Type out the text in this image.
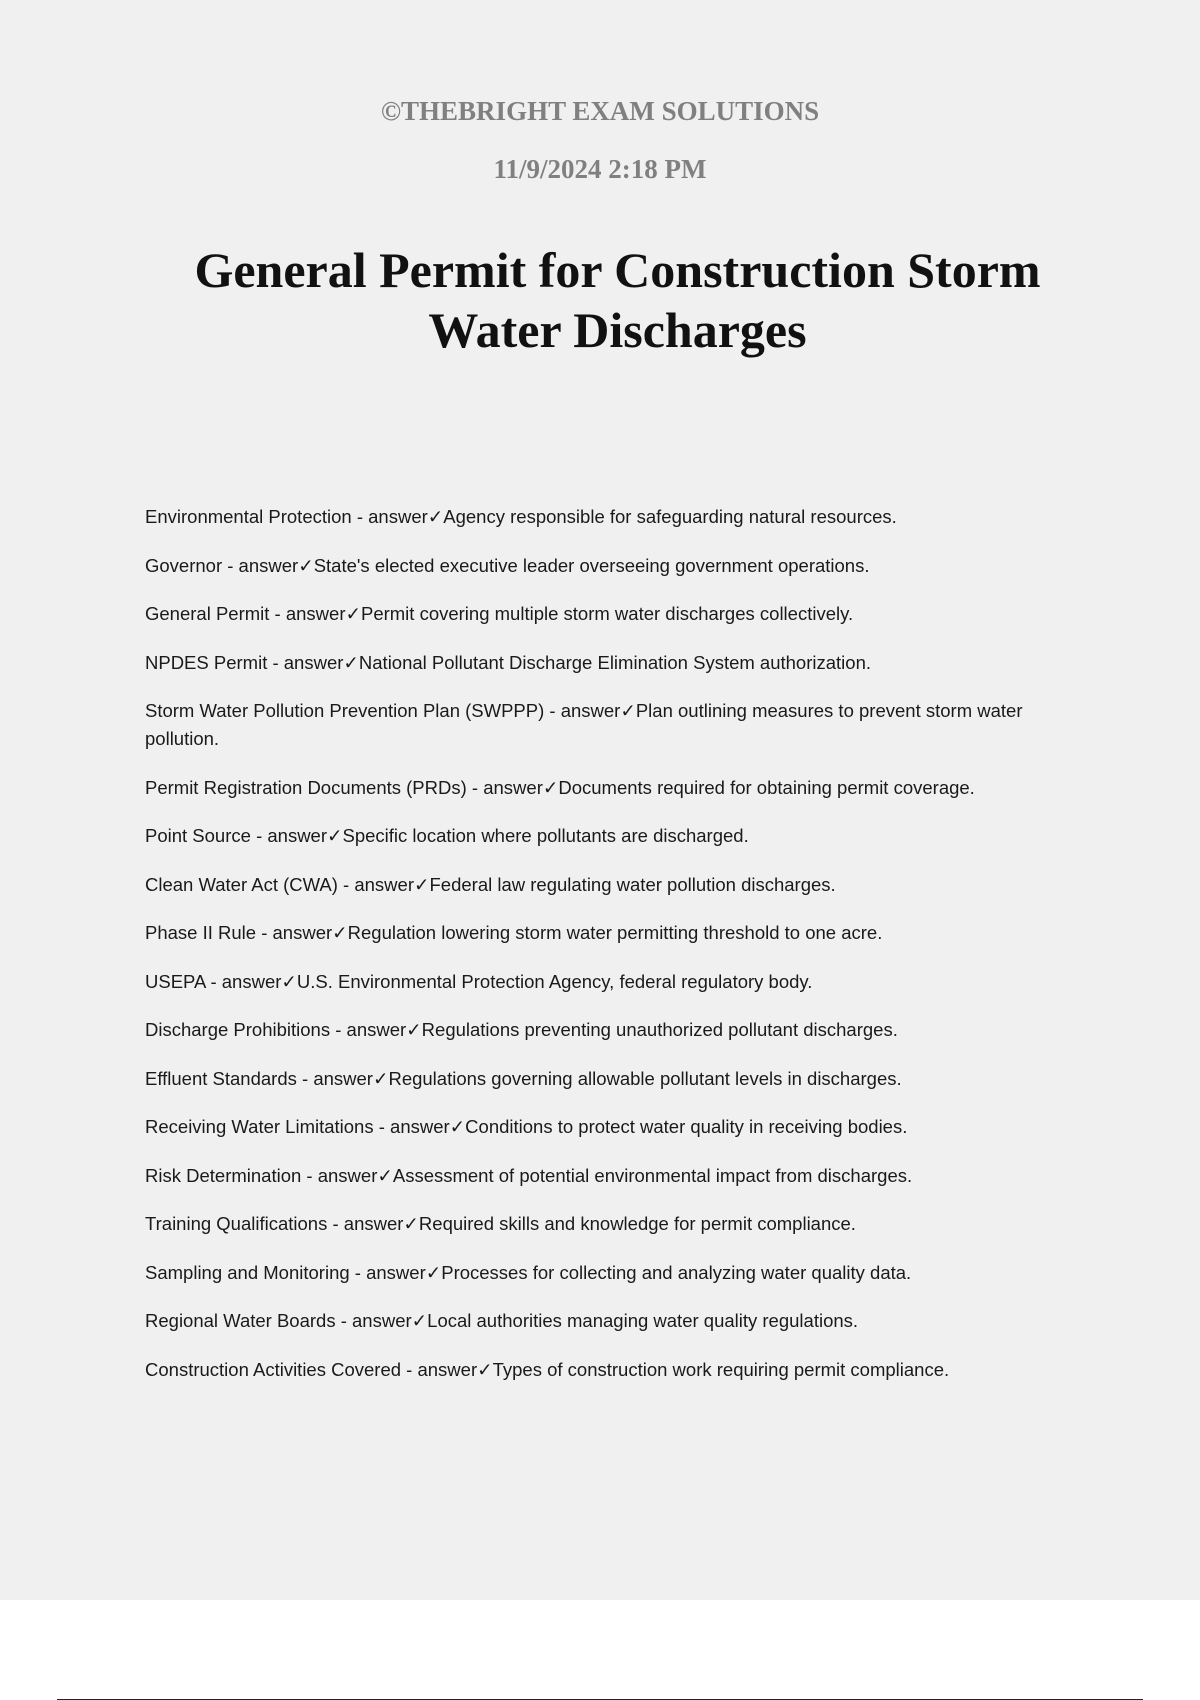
©THEBRIGHT EXAM SOLUTIONS

11/9/2024 2:18 PM

General Permit for Construction Storm Water Discharges
Environmental Protection - answer✓Agency responsible for safeguarding natural resources.
Governor - answer✓State's elected executive leader overseeing government operations.
General Permit - answer✓Permit covering multiple storm water discharges collectively.
NPDES Permit - answer✓National Pollutant Discharge Elimination System authorization.
Storm Water Pollution Prevention Plan (SWPPP) - answer✓Plan outlining measures to prevent storm water pollution.
Permit Registration Documents (PRDs) - answer✓Documents required for obtaining permit coverage.
Point Source - answer✓Specific location where pollutants are discharged.
Clean Water Act (CWA) - answer✓Federal law regulating water pollution discharges.
Phase II Rule - answer✓Regulation lowering storm water permitting threshold to one acre.
USEPA - answer✓U.S. Environmental Protection Agency, federal regulatory body.
Discharge Prohibitions - answer✓Regulations preventing unauthorized pollutant discharges.
Effluent Standards - answer✓Regulations governing allowable pollutant levels in discharges.
Receiving Water Limitations - answer✓Conditions to protect water quality in receiving bodies.
Risk Determination - answer✓Assessment of potential environmental impact from discharges.
Training Qualifications - answer✓Required skills and knowledge for permit compliance.
Sampling and Monitoring - answer✓Processes for collecting and analyzing water quality data.
Regional Water Boards - answer✓Local authorities managing water quality regulations.
Construction Activities Covered - answer✓Types of construction work requiring permit compliance.
